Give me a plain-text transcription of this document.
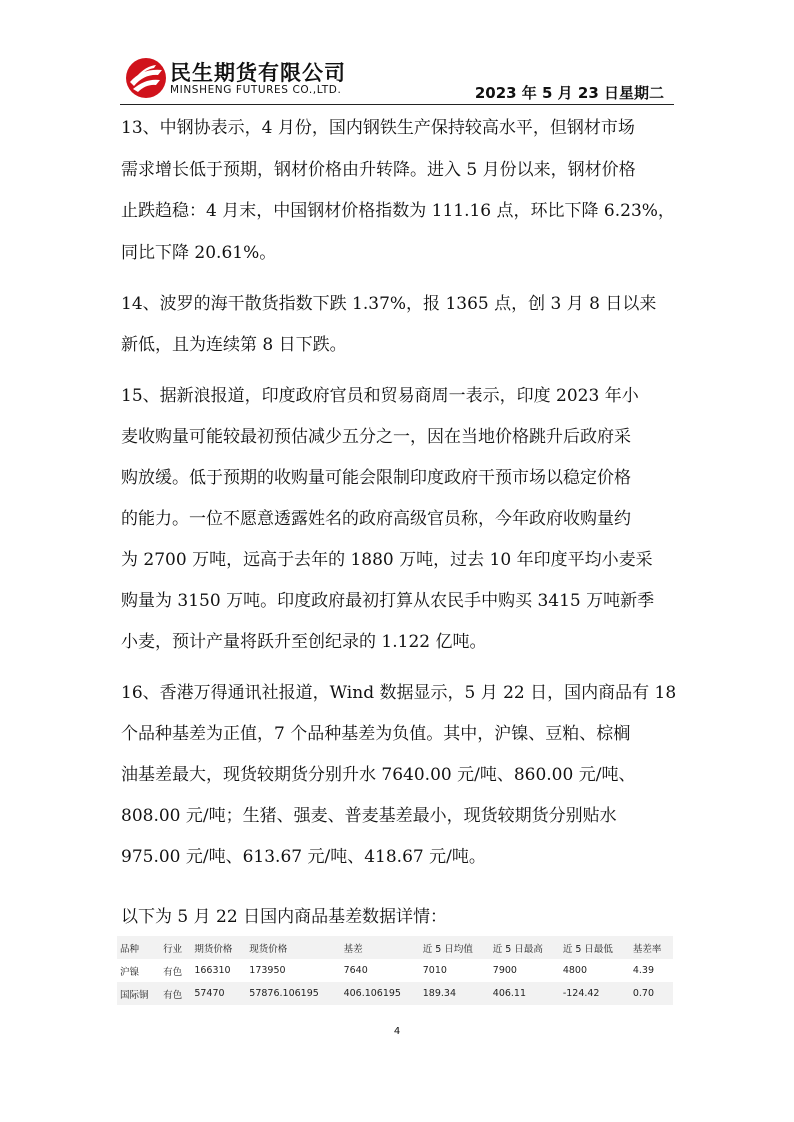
民生期货有限公司
MINSHENG FUTURES CO.,LTD.	2023 年 5 月 23 日星期二

13、中钢协表示，4 月份，国内钢铁生产保持较高水平，但钢材市场

需求增长低于预期，钢材价格由升转降。进入 5 月份以来，钢材价格

止跌趋稳：4 月末，中国钢材价格指数为 111.16 点，环比下降 6.23%，

同比下降 20.61%。

14、波罗的海干散货指数下跌 1.37%，报 1365 点，创 3 月 8 日以来

新低，且为连续第 8 日下跌。

15、据新浪报道，印度政府官员和贸易商周一表示，印度 2023 年小

麦收购量可能较最初预估减少五分之一，因在当地价格跳升后政府采

购放缓。低于预期的收购量可能会限制印度政府干预市场以稳定价格

的能力。一位不愿意透露姓名的政府高级官员称，今年政府收购量约

为 2700 万吨，远高于去年的 1880 万吨，过去 10 年印度平均小麦采

购量为 3150 万吨。印度政府最初打算从农民手中购买 3415 万吨新季

小麦，预计产量将跃升至创纪录的 1.122 亿吨。

16、香港万得通讯社报道，Wind 数据显示，5 月 22 日，国内商品有 18

个品种基差为正值，7 个品种基差为负值。其中，沪镍、豆粕、棕榈

油基差最大，现货较期货分别升水 7640.00 元/吨、860.00 元/吨、

808.00 元/吨；生猪、强麦、普麦基差最小，现货较期货分别贴水

975.00 元/吨、613.67 元/吨、418.67 元/吨。

以下为 5 月 22 日国内商品基差数据详情：
品种	行业	期货价格	现货价格	基差	近 5 日均值	近 5 日最高	近 5 日最低	基差率
沪镍	有色	166310	173950	7640	7010	7900	4800	4.39
国际铜	有色	57470	57876.106195	406.106195	189.34	406.11	-124.42	0.70
4
